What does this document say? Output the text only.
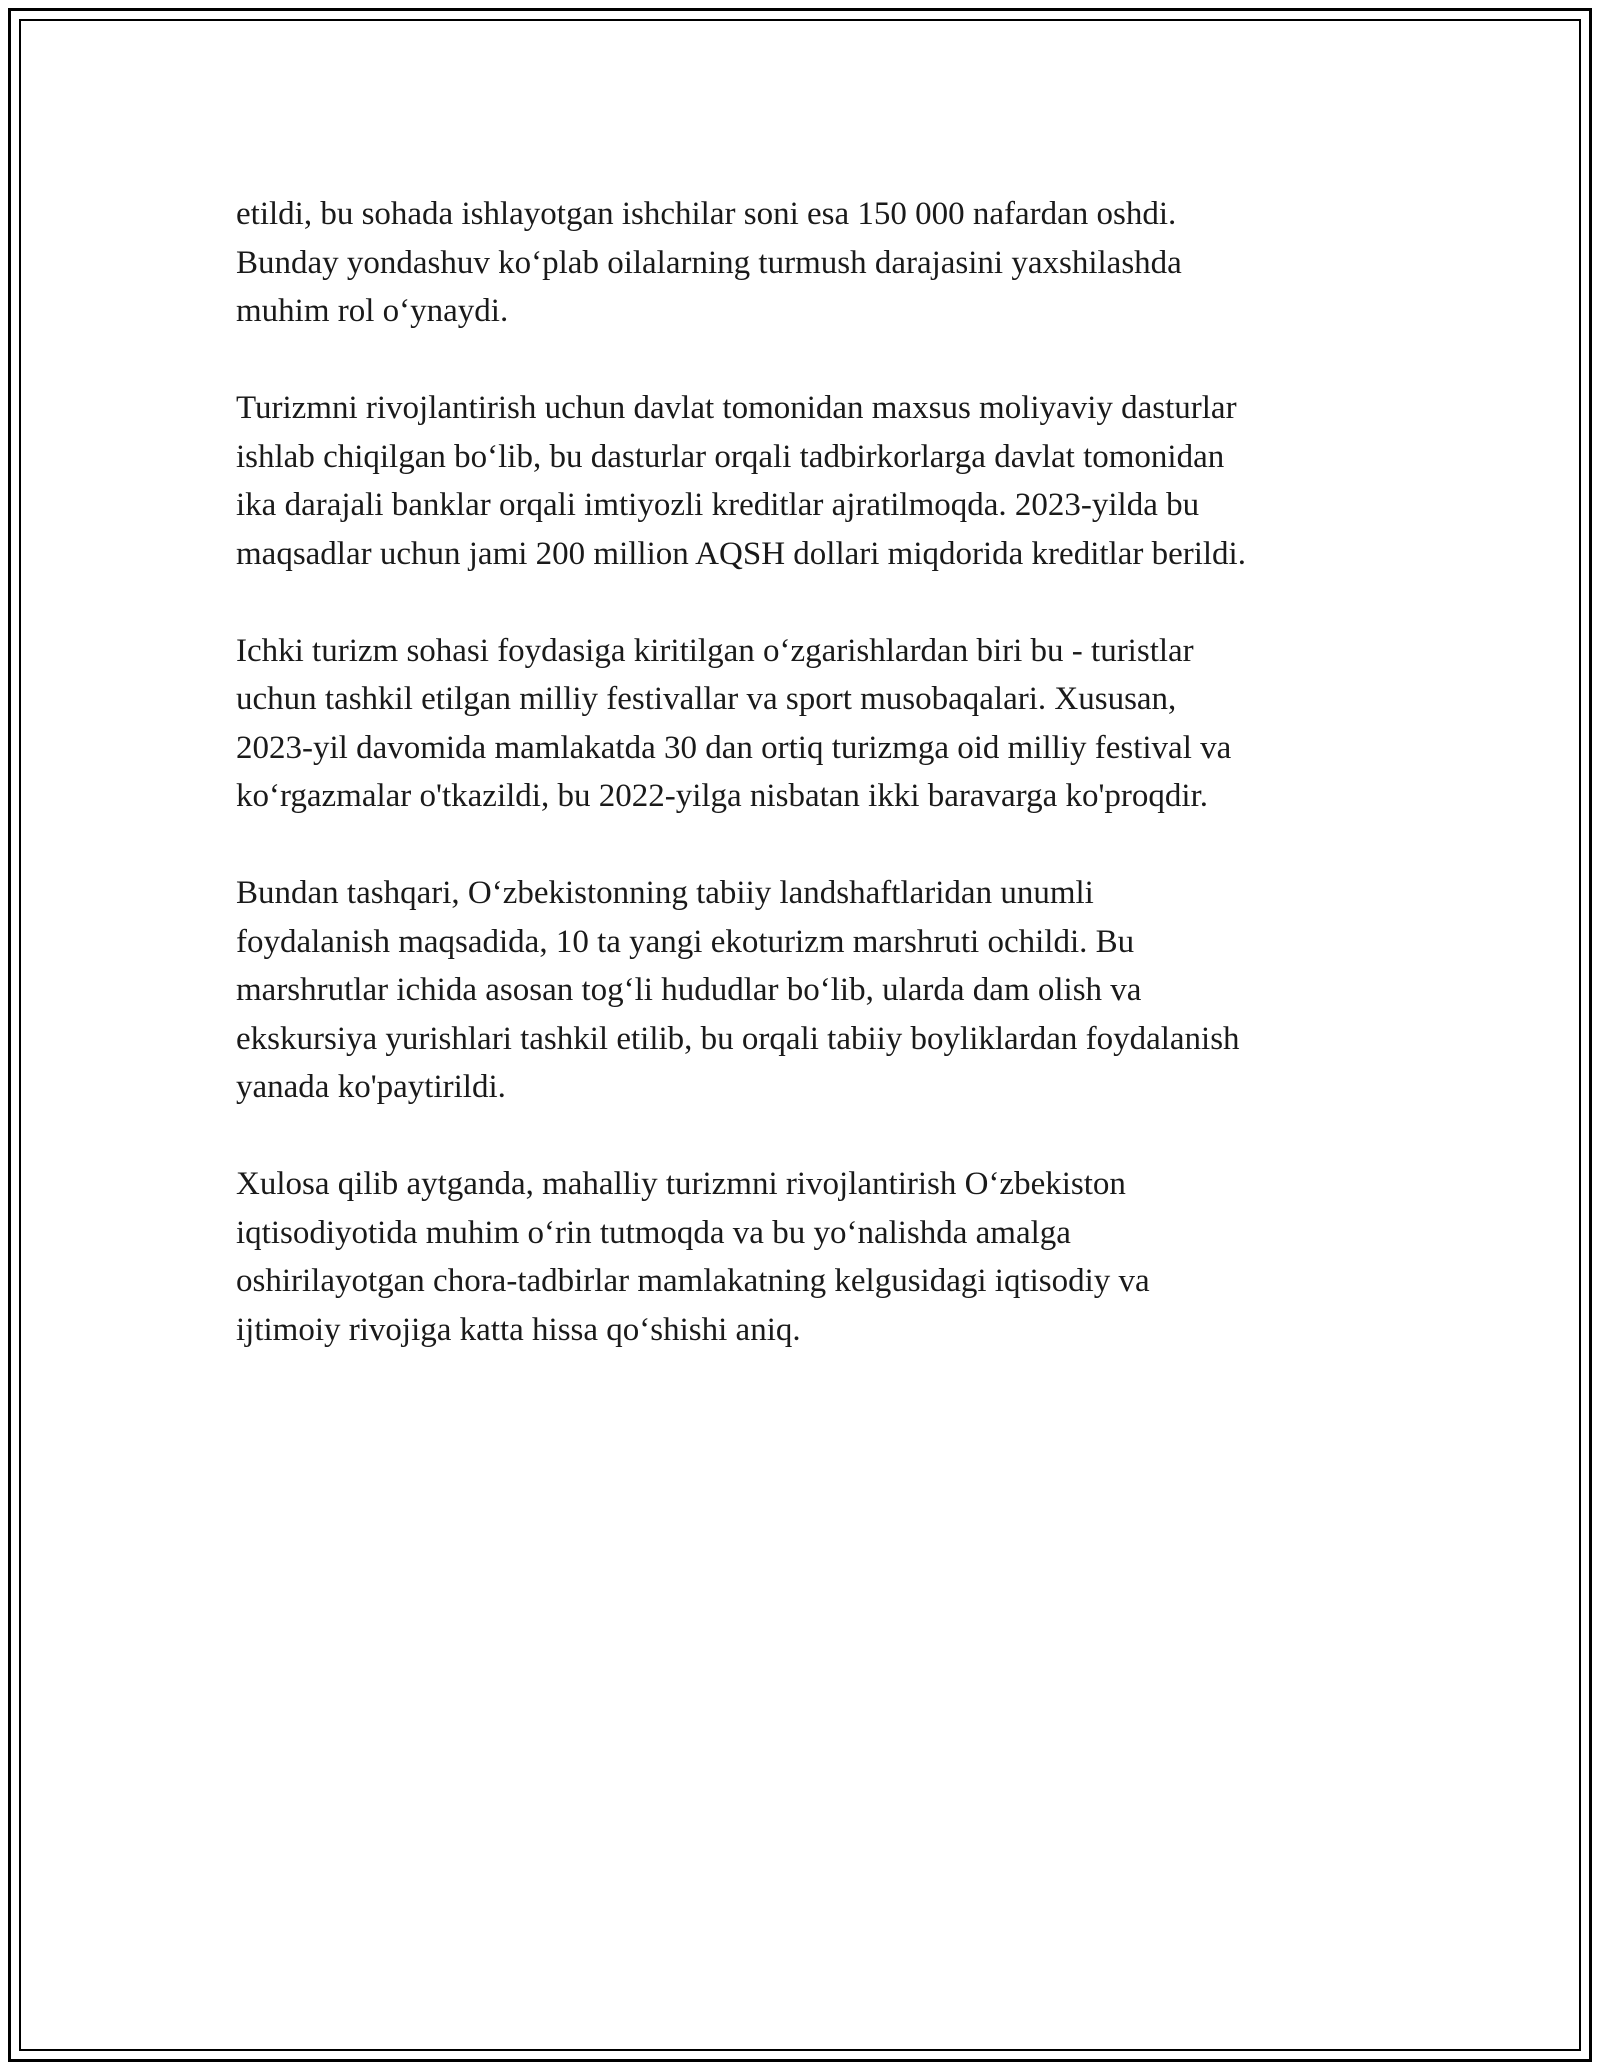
etildi, bu sohada ishlayotgan ishchilar soni esa 150 000 nafardan oshdi.
Bunday yondashuv ko‘plab oilalarning turmush darajasini yaxshilashda
muhim rol o‘ynaydi.

Turizmni rivojlantirish uchun davlat tomonidan maxsus moliyaviy dasturlar
ishlab chiqilgan bo‘lib, bu dasturlar orqali tadbirkorlarga davlat tomonidan
ika darajali banklar orqali imtiyozli kreditlar ajratilmoqda. 2023-yilda bu
maqsadlar uchun jami 200 million AQSH dollari miqdorida kreditlar berildi.

Ichki turizm sohasi foydasiga kiritilgan o‘zgarishlardan biri bu - turistlar
uchun tashkil etilgan milliy festivallar va sport musobaqalari. Xususan,
2023-yil davomida mamlakatda 30 dan ortiq turizmga oid milliy festival va
ko‘rgazmalar o'tkazildi, bu 2022-yilga nisbatan ikki baravarga ko'proqdir.

Bundan tashqari, O‘zbekistonning tabiiy landshaftlaridan unumli
foydalanish maqsadida, 10 ta yangi ekoturizm marshruti ochildi. Bu
marshrutlar ichida asosan tog‘li hududlar bo‘lib, ularda dam olish va
ekskursiya yurishlari tashkil etilib, bu orqali tabiiy boyliklardan foydalanish
yanada ko'paytirildi.

Xulosa qilib aytganda, mahalliy turizmni rivojlantirish O‘zbekiston
iqtisodiyotida muhim o‘rin tutmoqda va bu yo‘nalishda amalga
oshirilayotgan chora-tadbirlar mamlakatning kelgusidagi iqtisodiy va
ijtimoiy rivojiga katta hissa qo‘shishi aniq.
